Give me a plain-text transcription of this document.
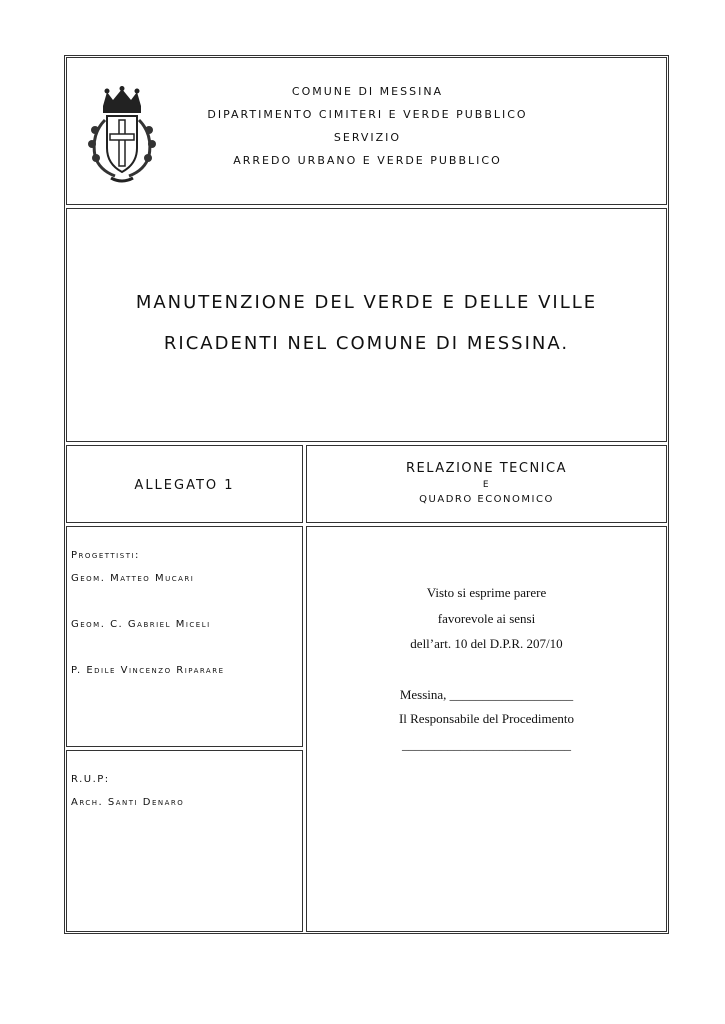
COMUNE DI MESSINA
DIPARTIMENTO CIMITERI E VERDE PUBBLICO
SERVIZIO
ARREDO URBANO E VERDE PUBBLICO
MANUTENZIONE DEL VERDE E DELLE VILLE
RICADENTI NEL COMUNE DI MESSINA.
ALLEGATO 1
RELAZIONE TECNICA
E
QUADRO ECONOMICO
Progettisti:
Geom. Matteo Mucari
Geom. C. Gabriel Miceli
P. Edile Vincenzo Riparare
R.U.P:
Arch. Santi Denaro
Visto si esprime parere
favorevole ai sensi
dell’art. 10 del D.P.R. 207/10
Messina, ___________________
Il Responsabile del Procedimento
__________________________
